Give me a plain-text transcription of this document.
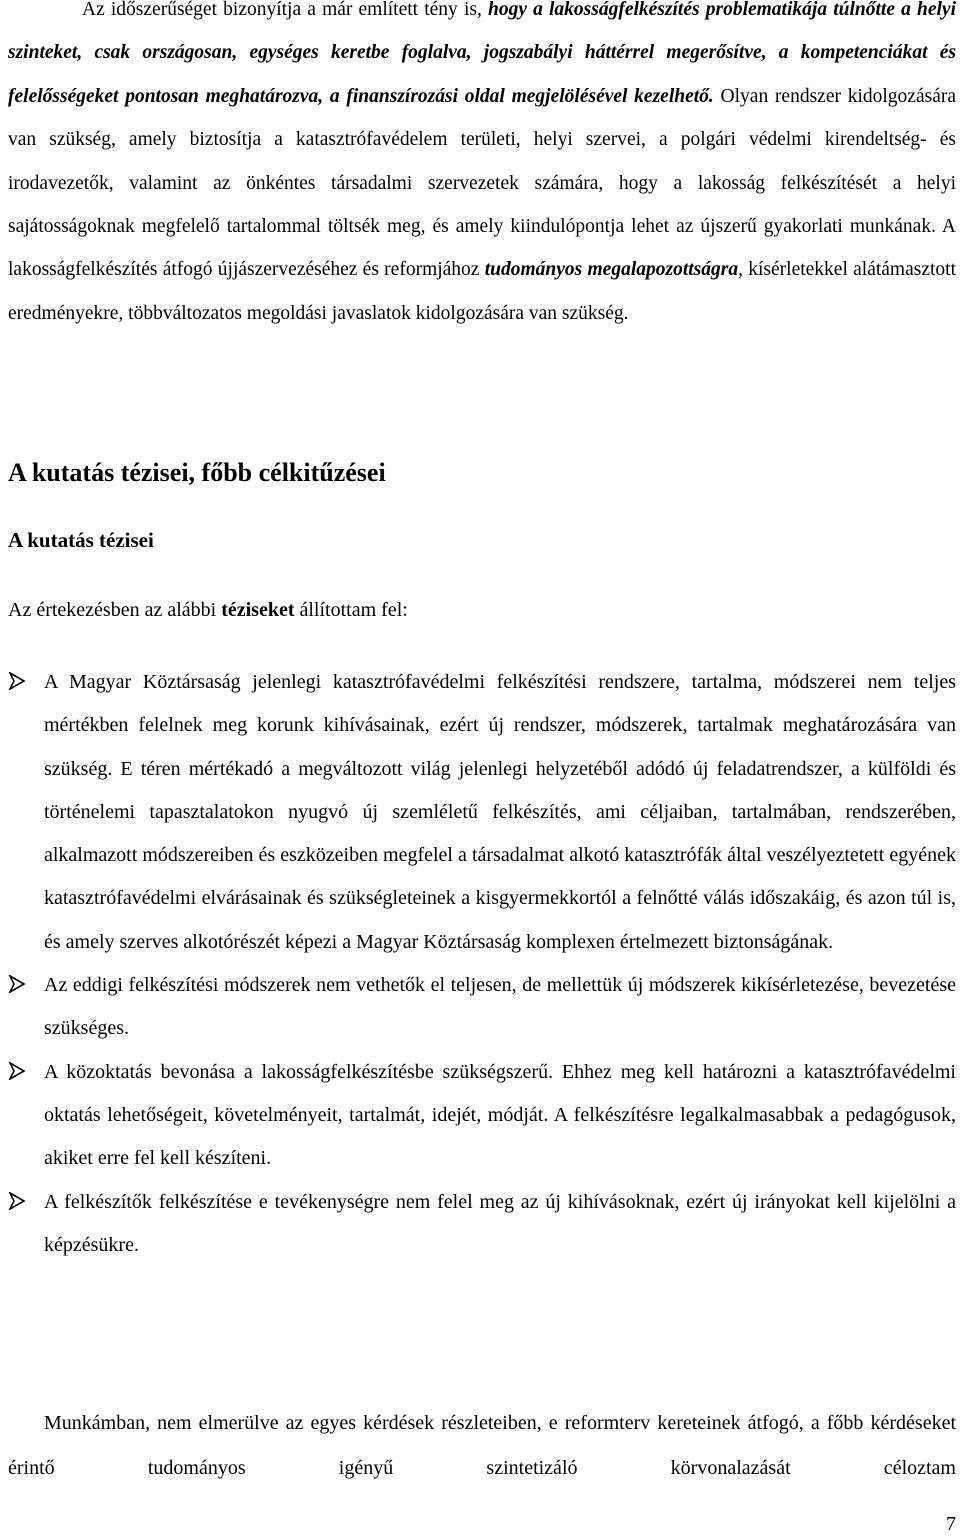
Az időszerűséget bizonyítja a már említett tény is, hogy a lakosságfelkészítés problematikája túlnőtte a helyi szinteket, csak országosan, egységes keretbe foglalva, jogszabályi háttérrel megerősítve, a kompetenciákat és felelősségeket pontosan meghatározva, a finanszírozási oldal megjelölésével kezelhető. Olyan rendszer kidolgozására van szükség, amely biztosítja a katasztrófavédelem területi, helyi szervei, a polgári védelmi kirendeltség- és irodavezetők, valamint az önkéntes társadalmi szervezetek számára, hogy a lakosság felkészítését a helyi sajátosságoknak megfelelő tartalommal töltsék meg, és amely kiindulópontja lehet az újszerű gyakorlati munkának. A lakosságfelkészítés átfogó újjászervezéséhez és reformjához tudományos megalapozottságra, kísérletekkel alátámasztott eredményekre, többváltozatos megoldási javaslatok kidolgozására van szükség.

A kutatás tézisei, főbb célkitűzései
A kutatás tézisei

Az értekezésben az alábbi téziseket állítottam fel:

A Magyar Köztársaság jelenlegi katasztrófavédelmi felkészítési rendszere, tartalma, módszerei nem teljes mértékben felelnek meg korunk kihívásainak, ezért új rendszer, módszerek, tartalmak meghatározására van szükség. E téren mértékadó a megváltozott világ jelenlegi helyzetéből adódó új feladatrendszer, a külföldi és történelemi tapasztalatokon nyugvó új szemléletű felkészítés, ami céljaiban, tartalmában, rendszerében, alkalmazott módszereiben és eszközeiben megfelel a társadalmat alkotó katasztrófák által veszélyeztetett egyének katasztrófavédelmi elvárásainak és szükségleteinek a kisgyermekkortól a felnőtté válás időszakáig, és azon túl is, és amely szerves alkotórészét képezi a Magyar Köztársaság komplexen értelmezett biztonságának.
Az eddigi felkészítési módszerek nem vethetők el teljesen, de mellettük új módszerek kikísérletezése, bevezetése szükséges.
A közoktatás bevonása a lakosságfelkészítésbe szükségszerű. Ehhez meg kell határozni a katasztrófavédelmi oktatás lehetőségeit, követelményeit, tartalmát, idejét, módját. A felkészítésre legalkalmasabbak a pedagógusok, akiket erre fel kell készíteni.
A felkészítők felkészítése e tevékenységre nem felel meg az új kihívásoknak, ezért új irányokat kell kijelölni a képzésükre.

Munkámban, nem elmerülve az egyes kérdések részleteiben, e reformterv kereteinek átfogó, a főbb kérdéseket érintő tudományos igényű szintetizáló körvonalazását céloztam

7
